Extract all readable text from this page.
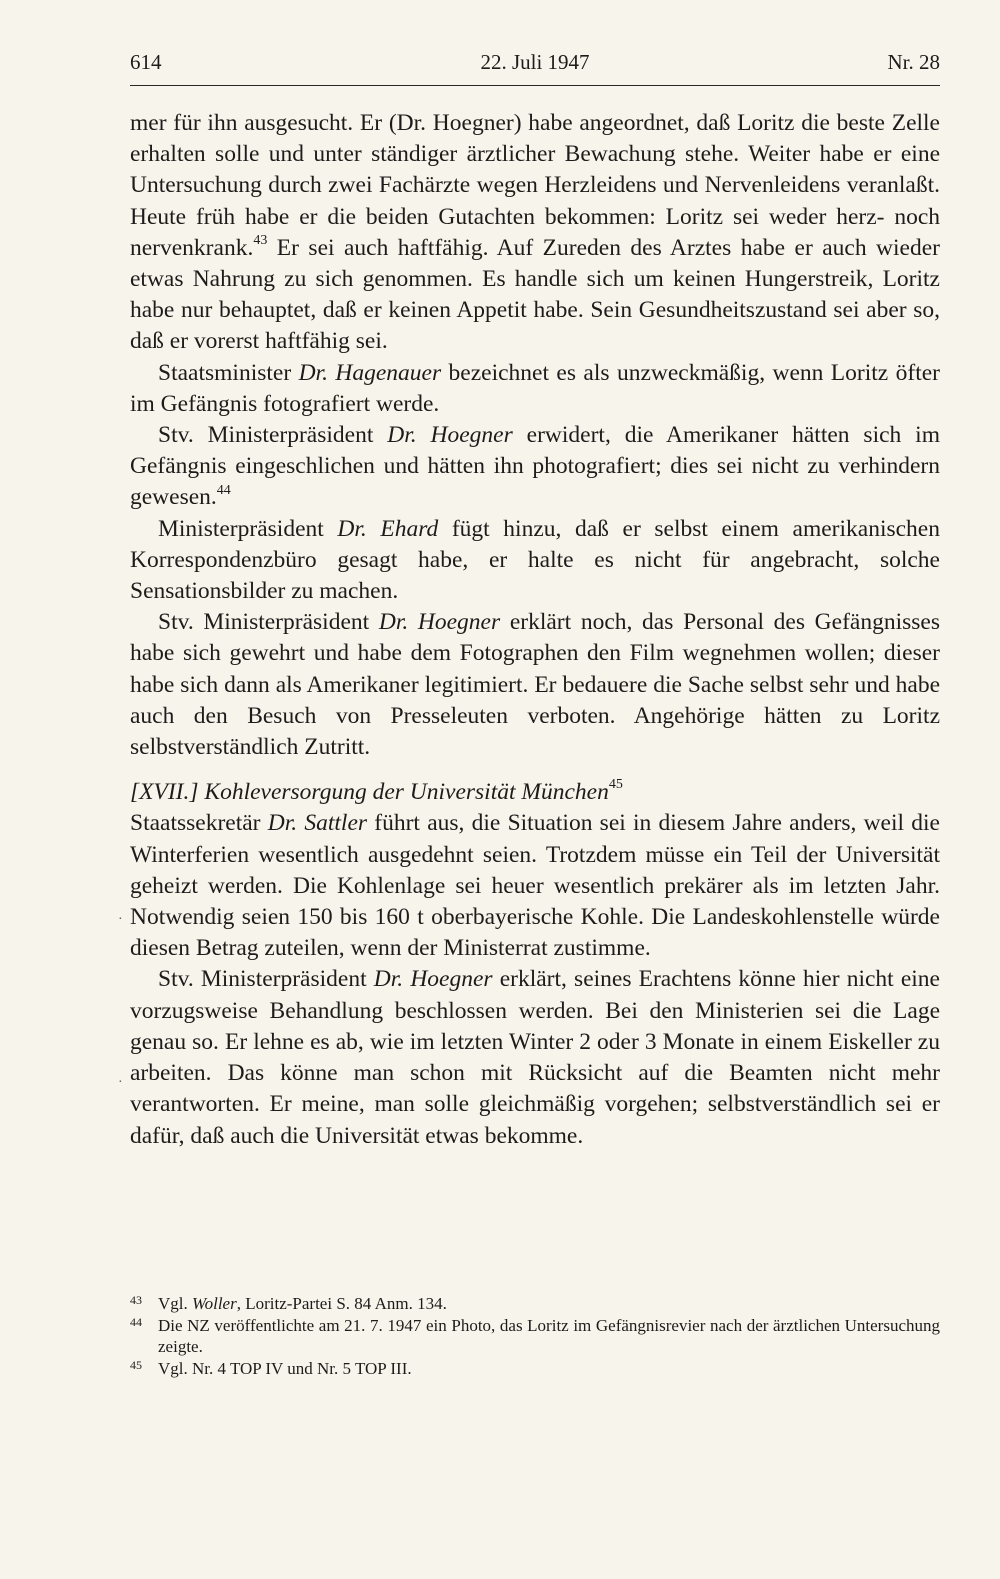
614	22. Juli 1947	Nr. 28

mer für ihn ausgesucht. Er (Dr. Hoegner) habe angeordnet, daß Loritz die beste Zelle erhalten solle und unter ständiger ärztlicher Bewachung stehe. Weiter habe er eine Untersuchung durch zwei Fachärzte wegen Herzleidens und Nervenleidens veranlaßt. Heute früh habe er die beiden Gutachten bekommen: Loritz sei weder herz- noch nervenkrank.$^{43}$ Er sei auch haftfähig. Auf Zureden des Arztes habe er auch wieder etwas Nahrung zu sich genommen. Es handle sich um keinen Hungerstreik, Loritz habe nur behauptet, daß er keinen Appetit habe. Sein Gesundheitszustand sei aber so, daß er vorerst haftfähig sei.

Staatsminister Dr. Hagenauer bezeichnet es als unzweckmäßig, wenn Loritz öfter im Gefängnis fotografiert werde.

Stv. Ministerpräsident Dr. Hoegner erwidert, die Amerikaner hätten sich im Gefängnis eingeschlichen und hätten ihn photografiert; dies sei nicht zu verhindern gewesen.$^{44}$

Ministerpräsident Dr. Ehard fügt hinzu, daß er selbst einem amerikanischen Korrespondenzbüro gesagt habe, er halte es nicht für angebracht, solche Sensationsbilder zu machen.

Stv. Ministerpräsident Dr. Hoegner erklärt noch, das Personal des Gefängnisses habe sich gewehrt und habe dem Fotographen den Film wegnehmen wollen; dieser habe sich dann als Amerikaner legitimiert. Er bedauere die Sache selbst sehr und habe auch den Besuch von Presseleuten verboten. Angehörige hätten zu Loritz selbstverständlich Zutritt.

[XVII.] Kohleversorgung der Universität München$^{45}$

Staatssekretär Dr. Sattler führt aus, die Situation sei in diesem Jahre anders, weil die Winterferien wesentlich ausgedehnt seien. Trotzdem müsse ein Teil der Universität geheizt werden. Die Kohlenlage sei heuer wesentlich prekärer als im letzten Jahr. Notwendig seien 150 bis 160 t oberbayerische Kohle. Die Landeskohlenstelle würde diesen Betrag zuteilen, wenn der Ministerrat zustimme.

Stv. Ministerpräsident Dr. Hoegner erklärt, seines Erachtens könne hier nicht eine vorzugsweise Behandlung beschlossen werden. Bei den Ministerien sei die Lage genau so. Er lehne es ab, wie im letzten Winter 2 oder 3 Monate in einem Eiskeller zu arbeiten. Das könne man schon mit Rücksicht auf die Beamten nicht mehr verantworten. Er meine, man solle gleichmäßig vorgehen; selbstverständlich sei er dafür, daß auch die Universität etwas bekomme.

43 Vgl. Woller, Loritz-Partei S. 84 Anm. 134.

44 Die NZ veröffentlichte am 21. 7. 1947 ein Photo, das Loritz im Gefängnisrevier nach der ärztlichen Untersuchung zeigte.

45 Vgl. Nr. 4 TOP IV und Nr. 5 TOP III.

·
·
